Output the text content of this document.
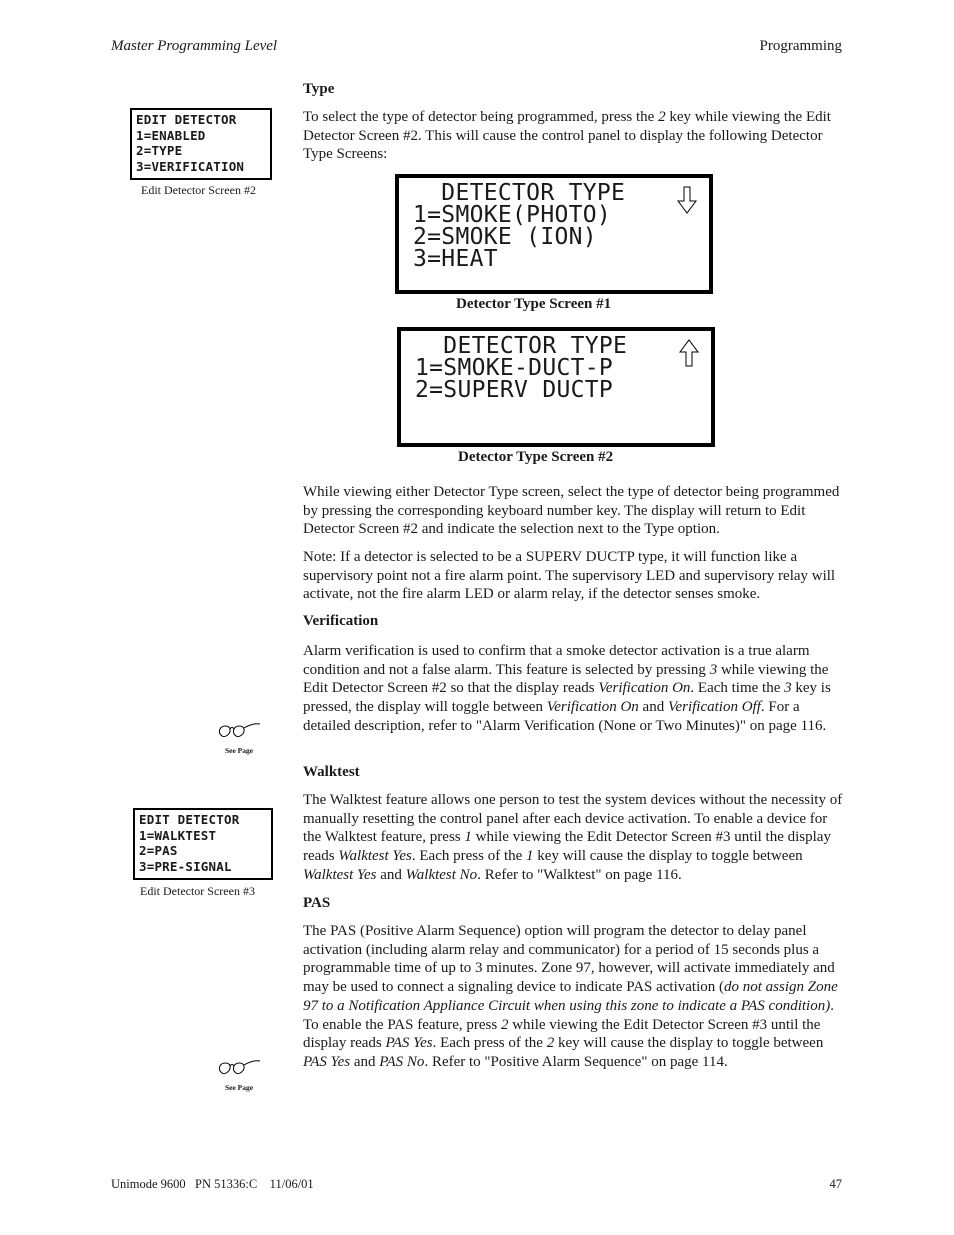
Master Programming Level	Programming
EDIT DETECTOR
1=ENABLED
2=TYPE
3=VERIFICATION
Edit Detector Screen #2
Type

To select the type of detector being programmed, press the 2 key while viewing the Edit Detector Screen #2. This will cause the control panel to display the following Detector Type Screens:

DETECTOR TYPE
1=SMOKE(PHOTO)
2=SMOKE (ION)
3=HEAT
Detector Type Screen #1
DETECTOR TYPE
1=SMOKE-DUCT-P
2=SUPERV DUCTP
Detector Type Screen #2

While viewing either Detector Type screen, select the type of detector being programmed by pressing the corresponding keyboard number key. The display will return to Edit Detector Screen #2 and indicate the selection next to the Type option.

Note: If a detector is selected to be a SUPERV DUCTP type, it will function like a supervisory point not a fire alarm point. The supervisory LED and supervisory relay will activate, not the fire alarm LED or alarm relay, if the detector senses smoke.

Verification

Alarm verification is used to confirm that a smoke detector activation is a true alarm condition and not a false alarm. This feature is selected by pressing 3 while viewing the Edit Detector Screen #2 so that the display reads Verification On. Each time the 3 key is pressed, the display will toggle between Verification On and Verification Off. For a detailed description, refer to "Alarm Verification (None or Two Minutes)" on page 116.

See Page
Walktest

The Walktest feature allows one person to test the system devices without the necessity of manually resetting the control panel after each device activation. To enable a device for the Walktest feature, press 1 while viewing the Edit Detector Screen #3 until the display reads Walktest Yes. Each press of the 1 key will cause the display to toggle between Walktest Yes and Walktest No. Refer to "Walktest" on page 116.

EDIT DETECTOR
1=WALKTEST
2=PAS
3=PRE-SIGNAL
Edit Detector Screen #3
PAS

The PAS (Positive Alarm Sequence) option will program the detector to delay panel activation (including alarm relay and communicator) for a period of 15 seconds plus a programmable time of up to 3 minutes. Zone 97, however, will activate immediately and may be used to connect a signaling device to indicate PAS activation (do not assign Zone 97 to a Notification Appliance Circuit when using this zone to indicate a PAS condition). To enable the PAS feature, press 2 while viewing the Edit Detector Screen #3 until the display reads PAS Yes. Each press of the 2 key will cause the display to toggle between PAS Yes and PAS No. Refer to "Positive Alarm Sequence" on page 114.

See Page
Unimode 9600   PN 51336:C    11/06/01	47
